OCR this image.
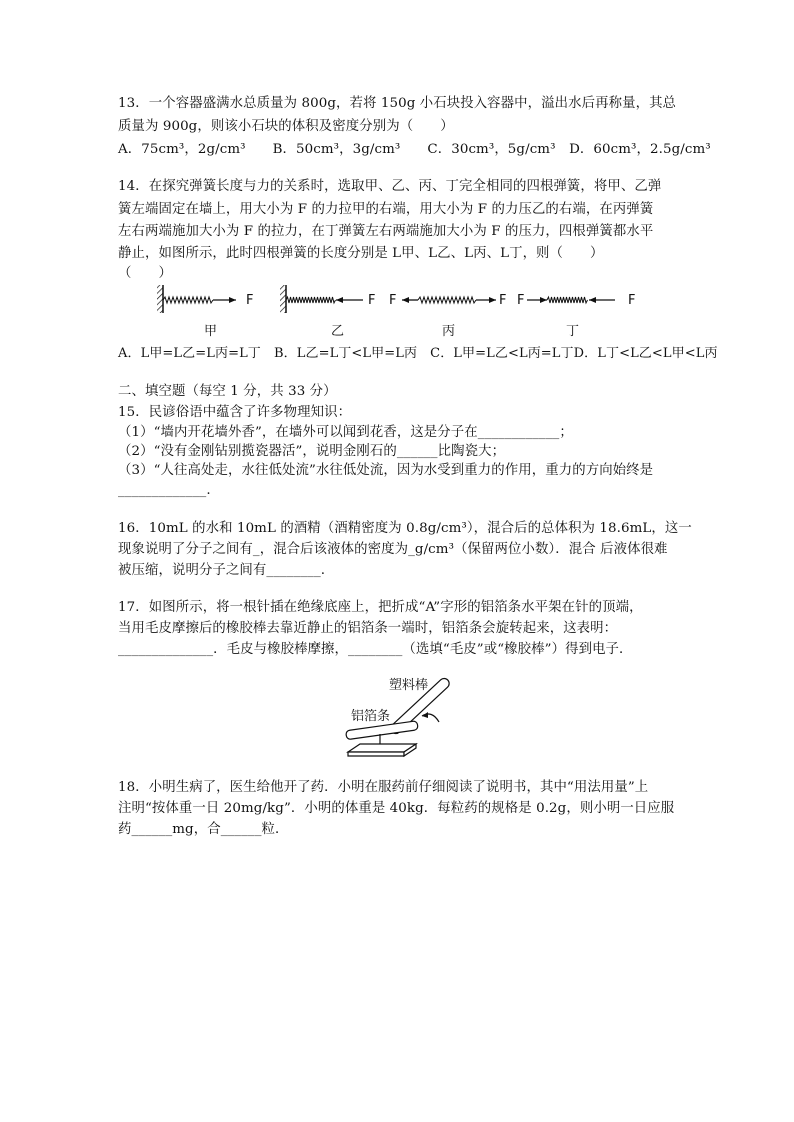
13．一个容器盛满水总质量为 800g，若将 150g 小石块投入容器中，溢出水后再称量，其总
质量为 900g，则该小石块的体积及密度分别为（　　）
A．75cm³，2g/cm³　　B．50cm³，3g/cm³　　C．30cm³，5g/cm³　D．60cm³，2.5g/cm³
14．在探究弹簧长度与力的关系时，选取甲、乙、丙、丁完全相同的四根弹簧，将甲、乙弹
簧左端固定在墙上，用大小为 F 的力拉甲的右端，用大小为 F 的力压乙的右端，在丙弹簧
左右两端施加大小为 F 的拉力，在丁弹簧左右两端施加大小为 F 的压力，四根弹簧都水平
静止，如图所示，此时四根弹簧的长度分别是 L甲、L乙、L丙、L丁，则（　　）
（　　）
F	F F	F F	F
甲	乙	丙	丁
A．L甲=L乙=L丙=L丁　B．L乙=L丁<L甲=L丙　C．L甲=L乙<L丙=L丁D．L丁<L乙<L甲<L丙
二、填空题（每空 1 分，共 33 分）
15．民谚俗语中蕴含了许多物理知识：
（1）“墙内开花墙外香”，在墙外可以闻到花香，这是分子在____________；
（2）“没有金刚钻别揽瓷器活”，说明金刚石的______比陶瓷大；
（3）“人往高处走，水往低处流”水往低处流，因为水受到重力的作用，重力的方向始终是
_____________.
16．10mL 的水和 10mL 的酒精（酒精密度为 0.8g/cm³），混合后的总体积为 18.6mL，这一
现象说明了分子之间有_，混合后该液体的密度为_g/cm³（保留两位小数）．混合 后液体很难
被压缩，说明分子之间有________.
17．如图所示，将一根针插在绝缘底座上，把折成“A”字形的铝箔条水平架在针的顶端，
当用毛皮摩擦后的橡胶棒去靠近静止的铝箔条一端时，铝箔条会旋转起来，这表明：
______________．毛皮与橡胶棒摩擦，________（选填“毛皮”或“橡胶棒”）得到电子．
塑料棒
铝箔条
18．小明生病了，医生给他开了药．小明在服药前仔细阅读了说明书，其中“用法用量”上
注明“按体重一日 20mg/kg”．小明的体重是 40kg．每粒药的规格是 0.2g，则小明一日应服
药______mg，合______粒．
